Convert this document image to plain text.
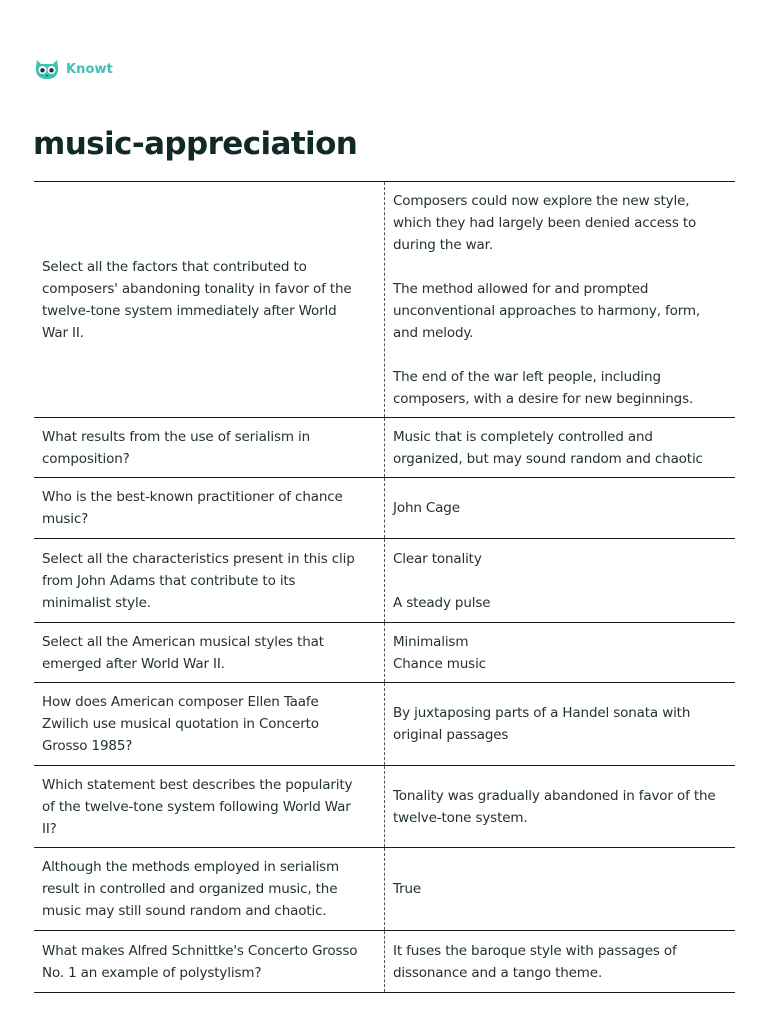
Knowt
music-appreciation
Select all the factors that contributed to
composers' abandoning tonality in favor of the
twelve-tone system immediately after World
War II.
Composers could now explore the new style,
which they had largely been denied access to
during the war.
The method allowed for and prompted
unconventional approaches to harmony, form,
and melody.
The end of the war left people, including
composers, with a desire for new beginnings.
What results from the use of serialism in
composition?
Music that is completely controlled and
organized, but may sound random and chaotic
Who is the best-known practitioner of chance
music?
John Cage
Select all the characteristics present in this clip
from John Adams that contribute to its
minimalist style.
Clear tonality
A steady pulse
Select all the American musical styles that
emerged after World War II.
Minimalism
Chance music
How does American composer Ellen Taafe
Zwilich use musical quotation in Concerto
Grosso 1985?
By juxtaposing parts of a Handel sonata with
original passages
Which statement best describes the popularity
of the twelve-tone system following World War
II?
Tonality was gradually abandoned in favor of the
twelve-tone system.
Although the methods employed in serialism
result in controlled and organized music, the
music may still sound random and chaotic.
True
What makes Alfred Schnittke's Concerto Grosso
No. 1 an example of polystylism?
It fuses the baroque style with passages of
dissonance and a tango theme.
